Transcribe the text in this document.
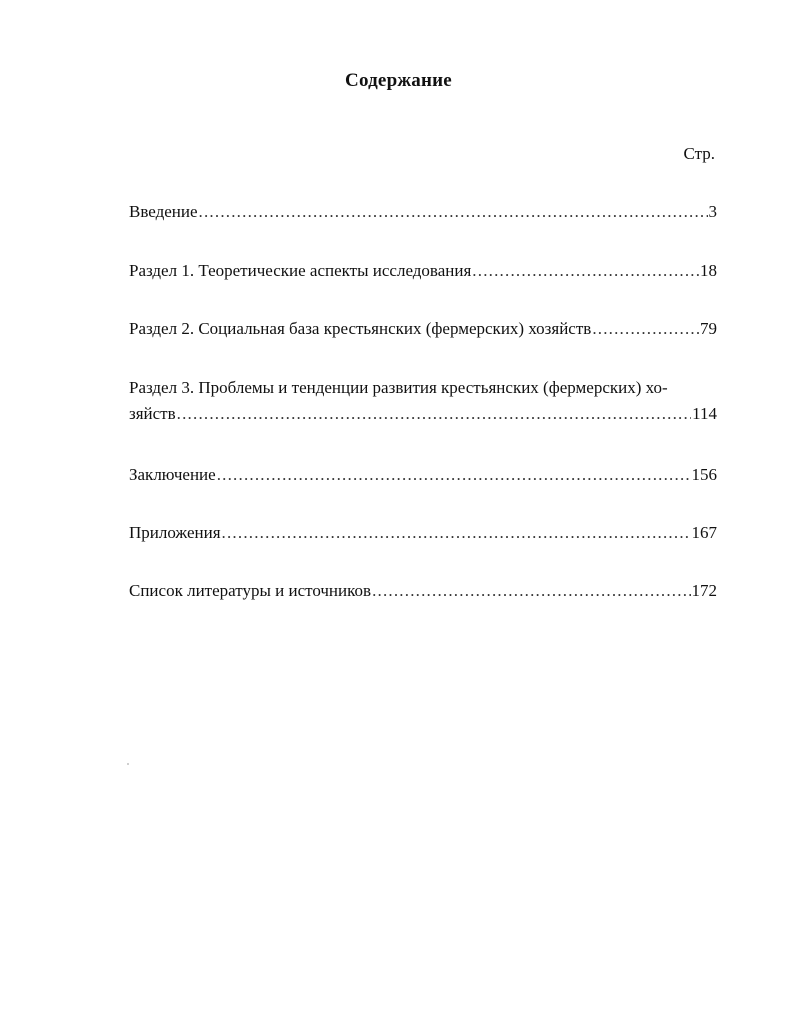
Содержание
Стр.
Введение .....	3
Раздел 1. Теоретические аспекты исследования .....	18
Раздел 2. Социальная база крестьянских (фермерских) хозяйств .....	79
Раздел 3. Проблемы и тенденции развития крестьянских (фермерских) хо-
зяйств .....	114
Заключение .....	156
Приложения .....	167
Список литературы и источников .....	172
